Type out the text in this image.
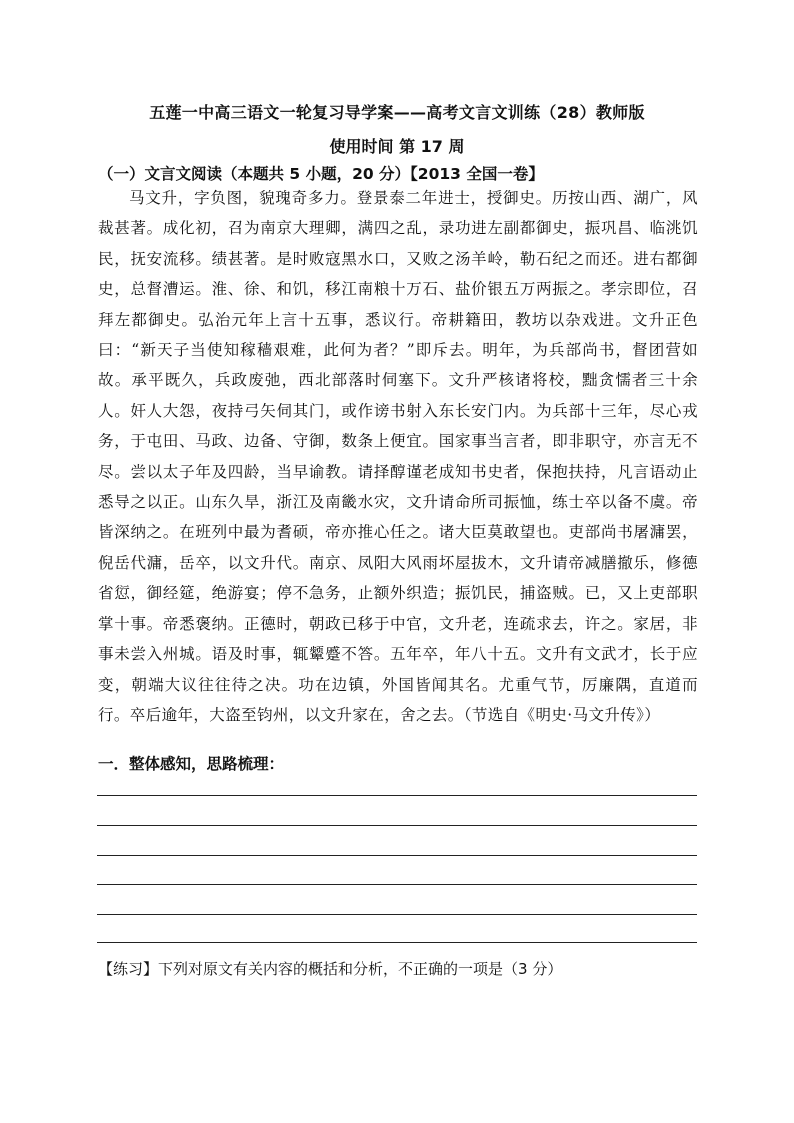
五莲一中高三语文一轮复习导学案——高考文言文训练（28）教师版
使用时间 第 17 周
（一）文言文阅读（本题共 5 小题，20 分）【2013 全国一卷】

马文升，字负图，貌瑰奇多力。登景泰二年进士，授御史。历按山西、湖广，风裁甚著。成化初，召为南京大理卿，满四之乱，录功进左副都御史，振巩昌、临洮饥民，抚安流移。绩甚著。是时败寇黑水口，又败之汤羊岭，勒石纪之而还。进右都御史，总督漕运。淮、徐、和饥，移江南粮十万石、盐价银五万两振之。孝宗即位，召拜左都御史。弘治元年上言十五事，悉议行。帝耕籍田，教坊以杂戏进。文升正色曰：“新天子当使知稼穑艰难，此何为者？”即斥去。明年，为兵部尚书，督团营如故。承平既久，兵政废弛，西北部落时伺塞下。文升严核诸将校，黜贪懦者三十余人。奸人大怨，夜持弓矢伺其门，或作谤书射入东长安门内。为兵部十三年，尽心戎务，于屯田、马政、边备、守御，数条上便宜。国家事当言者，即非职守，亦言无不尽。尝以太子年及四龄，当早谕教。请择醇谨老成知书史者，保抱扶持，凡言语动止悉导之以正。山东久旱，浙江及南畿水灾，文升请命所司振恤，练士卒以备不虞。帝皆深纳之。在班列中最为耆硕，帝亦推心任之。诸大臣莫敢望也。吏部尚书屠滽罢，倪岳代滽，岳卒，以文升代。南京、凤阳大风雨坏屋拔木，文升请帝减膳撤乐，修德省愆，御经筵，绝游宴；停不急务，止额外织造；振饥民，捕盗贼。已，又上吏部职掌十事。帝悉褒纳。正德时，朝政已移于中官，文升老，连疏求去，许之。家居，非事未尝入州城。语及时事，辄颦蹙不答。五年卒，年八十五。文升有文武才，长于应变，朝端大议往往待之决。功在边镇，外国皆闻其名。尤重气节，厉廉隅，直道而行。卒后逾年，大盗至钧州，以文升家在，舍之去。（节选自《明史·马文升传》）

一．整体感知，思路梳理：
【练习】下列对原文有关内容的概括和分析，不正确的一项是（3 分）
